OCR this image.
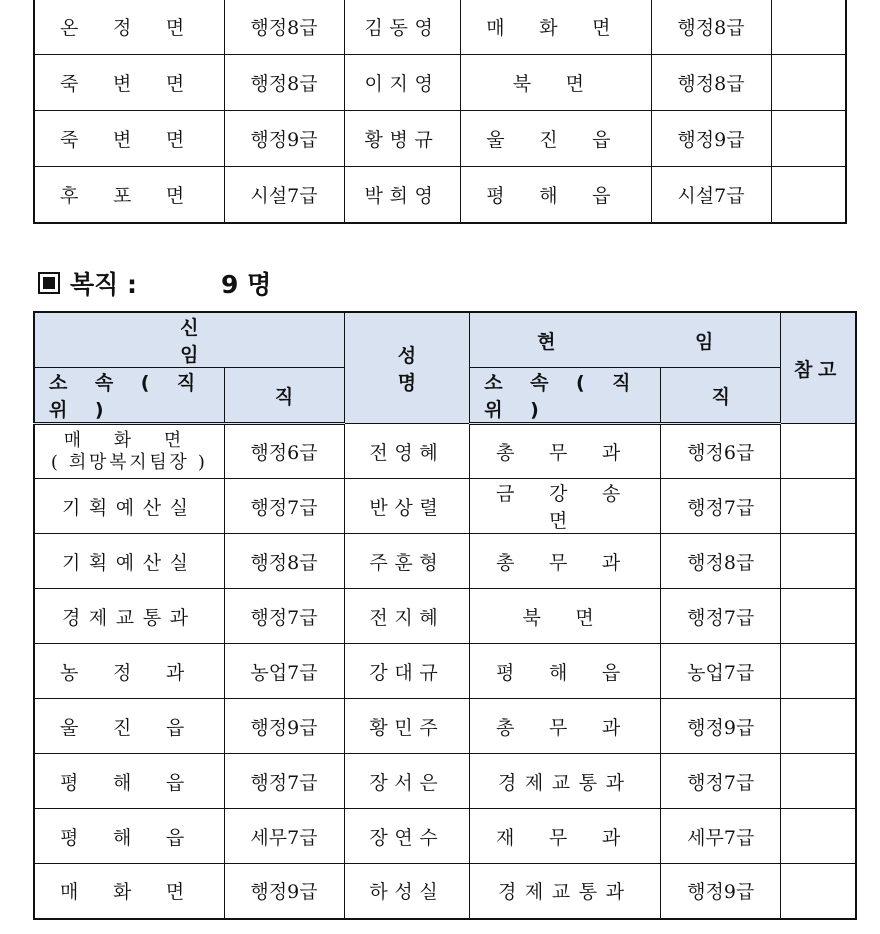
온 정 면	행정8급	김동영	매 화 면	행정8급	
죽 변 면	행정8급	이지영	북 면	행정8급	
죽 변 면	행정9급	황병규	울 진 읍	행정9급	
후 포 면	시설7급	박희영	평 해 읍	시설7급	
복직 :	9 명
신 임		성 명	현 임		참고
소 속 ( 직 위 )	직		소 속 ( 직 위 )	직	

매 화 면
( 희망복지팀장 )	행정6급	전영혜	총 무 과	행정6급	
기획예산실	행정7급	반상렬	금 강 송 면	행정7급	
기획예산실	행정8급	주훈형	총 무 과	행정8급	
경제교통과	행정7급	전지혜	북 면	행정7급	
농 정 과	농업7급	강대규	평 해 읍	농업7급	
울 진 읍	행정9급	황민주	총 무 과	행정9급	
평 해 읍	행정7급	장서은	경제교통과	행정7급	
평 해 읍	세무7급	장연수	재 무 과	세무7급	
매 화 면	행정9급	하성실	경제교통과	행정9급	
